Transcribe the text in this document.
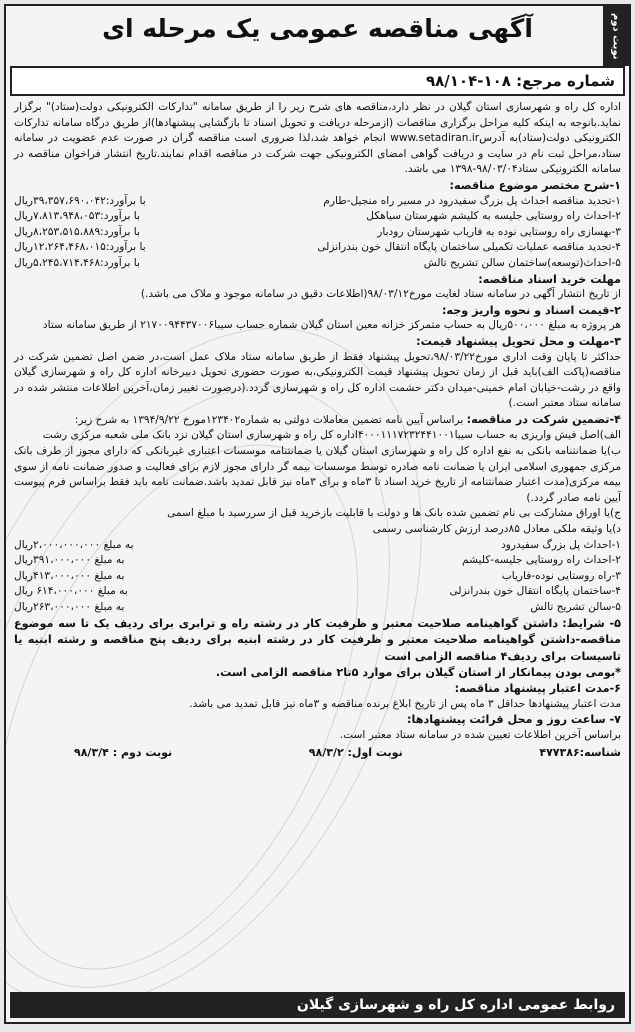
نوبت دوم
آگهی مناقصه عمومی یک مرحله ای
شماره مرجع: ۱۰۸-۹۸/۱۰۴

اداره کل راه و شهرسازی استان گیلان در نظر دارد،مناقصه های شرح زیر را از طریق سامانه "تدارکات الکترونیکی دولت(ستاد)" برگزار نماید.بانوجه به اینکه کلیه مراحل برگزاری مناقصات (ازمرحله دریافت و تحویل اسناد تا بازگشایی پیشنهادها)از طریق درگاه سامانه تدارکات الکترونیکی دولت(ستاد)به آدرسwww.setadiran.ir انجام خواهد شد،لذا ضروری است مناقصه گران در صورت عدم عضویت در سامانه ستاد،مراحل ثبت نام در سایت و دریافت گواهی امضای الکترونیکی جهت شرکت در مناقصه اقدام نمایند.تاریخ انتشار فراخوان مناقصه در سامانه الکترونیکی ستاد۹۸/۰۳/۰۴-۱۳۹۸ می باشد.

۱-شرح مختصر موضوع مناقصه:

۱-تجدید مناقصه احداث پل بزرگ سفیدرود در مسیر راه منجیل-طارم
با برآورد:۳۹،۳۵۷،۶۹۰،۰۴۲ریال
۲-احداث راه روستایی جلیسه به کلیشم شهرستان سیاهکل
با برآورد:۷،۸۱۳،۹۴۸،۰۵۳ریال
۳-بهسازی راه روستایی نوده به فاریاب شهرستان رودبار
با برآورد:۸،۲۵۳،۵۱۵،۸۸۹ریال
۴-تجدید مناقصه عملیات تکمیلی ساختمان پایگاه انتقال خون بندرانزلی
با برآورد:۱۲،۲۶۴،۴۶۸،۰۱۵ریال
۵-احداث(توسعه)ساختمان سالن تشریح تالش
با برآورد:۵،۲۴۵،۷۱۴،۴۶۸ریال

مهلت خرید اسناد مناقصه:

از تاریخ انتشار آگهی در سامانه ستاد لغایت مورخ۹۸/۰۳/۱۲(اطلاعات دقیق در سامانه موجود و ملاک می باشد.)

۲-قیمت اسناد و نحوه واریز وجه:

هر پروژه به مبلغ ۵۰۰،۰۰۰ریال به حساب متمرکز خزانه معین استان گیلان شماره حساب سیبا۲۱۷۰۰۹۴۴۳۷۰۰۶ از طریق سامانه ستاد

۳-مهلت و محل تحویل پیشنهاد قیمت:

حداکثر تا پایان وقت اداری مورخ۹۸/۰۳/۲۲،تحویل پیشنهاد فقط از طریق سامانه ستاد ملاک عمل است،در ضمن اصل تضمین شرکت در مناقصه(پاکت الف)باید قبل از زمان تحویل پیشنهاد قیمت الکترونیکی،به صورت حضوری تحویل دبیرخانه اداره کل راه و شهرسازی گیلان واقع در رشت-خیابان امام خمینی-میدان دکتر حشمت اداره کل راه و شهرسازی گردد.(درصورت تغییر زمان،آخرین اطلاعات منتشر شده در سامانه ستاد معتبر است.)

۴-تضمین شرکت در مناقصه: براساس آیین نامه تضمین معاملات دولتی به شماره۱۲۳۴۰۲مورخ ۱۳۹۴/۹/۲۲ به شرح زیر:

الف)اصل فیش واریزی به حساب سیبا۴۰۰۰۱۱۱۷۲۳۲۴۴۱۰۰۱اداره کل راه و شهرسازی استان گیلان نزد بانک ملی شعبه مرکزی رشت

ب)یا ضمانتنامه بانکی به نفع اداره کل راه و شهرسازی استان گیلان یا ضمانتنامه موسسات اعتباری غیربانکی که دارای مجوز از طرف بانک مرکزی جمهوری اسلامی ایران یا ضمانت نامه صادره توسط موسسات بیمه گر دارای مجوز لازم برای فعالیت و صدور ضمانت نامه از سوی بیمه مرکزی(مدت اعتبار ضمانتنامه از تاریخ خرید اسناد تا ۳ماه و برای ۳ماه نیز قابل تمدید باشد.ضمانت نامه باید فقط براساس فرم پیوست آیین نامه صادر گردد.)

ج)یا اوراق مشارکت بی نام تضمین شده بانک ها و دولت با قابلیت بازخرید قبل از سررسید با مبلغ اسمی

د)یا وثیقه ملکی معادل ۸۵درصد ارزش کارشناسی رسمی

۱-احداث پل بزرگ سفیدرود
به مبلغ ۲،۰۰۰،۰۰۰،۰۰۰ریال
۲-احداث راه روستایی جلیسه-کلیشم
به مبلغ ۳۹۱،۰۰۰،۰۰۰ریال
۳-راه روستایی نوده-فاریاب
به مبلغ ۴۱۳،۰۰۰،۰۰۰ریال
۴-ساختمان پایگاه انتقال خون بندرانزلی
به مبلغ ۶۱۴،۰۰۰،۰۰۰ ریال
۵-سالن تشریح تالش
به مبلغ ۲۶۳،۰۰۰،۰۰۰ریال

۵- شرایط: داشتن گواهینامه صلاحیت معتبر و ظرفیت کار در رشته راه و ترابری برای ردیف یک تا سه موضوع مناقصه-داشتن گواهینامه صلاحیت معتبر و ظرفیت کار در رشته ابنیه برای ردیف پنج مناقصه و رشته ابنیه یا تاسیسات برای ردیف۴ مناقصه الزامی است

*بومی بودن پیمانکار از استان گیلان برای موارد ۵تا۲ مناقصه الزامی است.

۶-مدت اعتبار پیشنهاد مناقصه:

مدت اعتبار پیشنهادها حداقل ۳ ماه پس از تاریخ ابلاغ برنده مناقصه و ۳ماه نیز قابل تمدید می باشد.

۷- ساعت روز و محل قرائت پیشنهادها:

براساس آخرین اطلاعات تعیین شده در سامانه ستاد معتبر است.

شناسه:۴۷۷۳۸۶
نوبت اول: ۹۸/۳/۲
نوبت دوم : ۹۸/۳/۴
روابط عمومی اداره کل راه و شهرسازی گیلان
